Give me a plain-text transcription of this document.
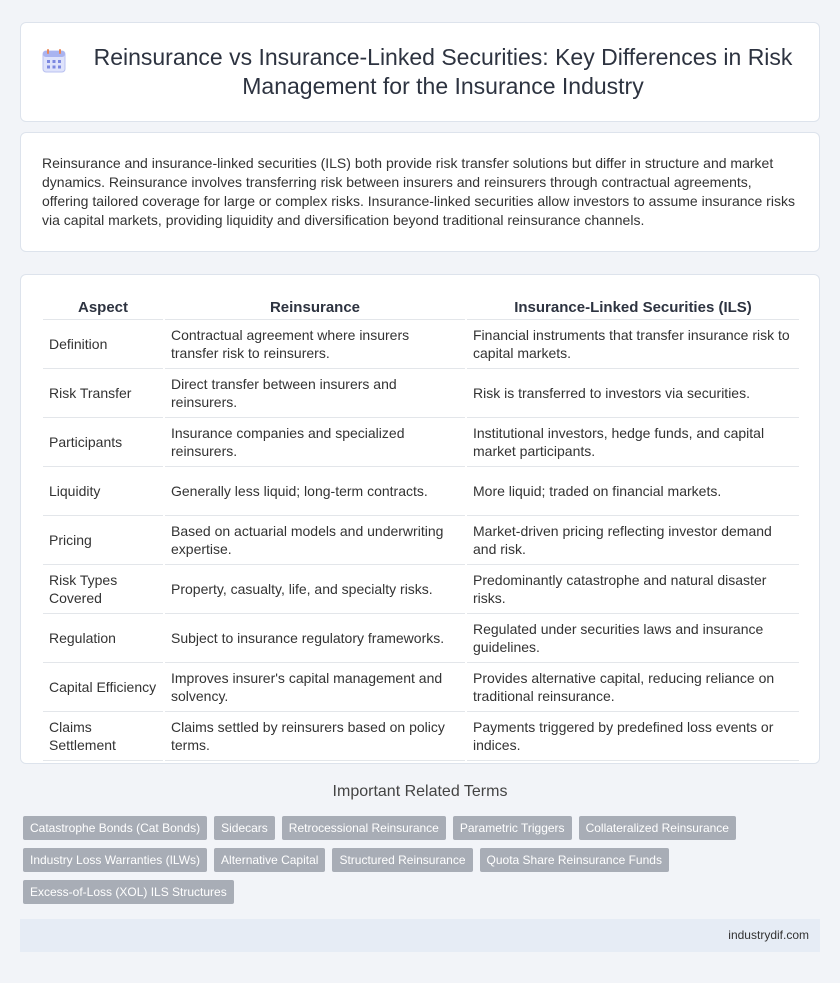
Reinsurance vs Insurance-Linked Securities: Key Differences in Risk Management for the Insurance Industry

Reinsurance and insurance-linked securities (ILS) both provide risk transfer solutions but differ in structure and market dynamics. Reinsurance involves transferring risk between insurers and reinsurers through contractual agreements, offering tailored coverage for large or complex risks. Insurance-linked securities allow investors to assume insurance risks via capital markets, providing liquidity and diversification beyond traditional reinsurance channels.

Aspect	Reinsurance	Insurance-Linked Securities (ILS)
Definition	Contractual agreement where insurers transfer risk to reinsurers.	Financial instruments that transfer insurance risk to capital markets.
Risk Transfer	Direct transfer between insurers and reinsurers.	Risk is transferred to investors via securities.
Participants	Insurance companies and specialized reinsurers.	Institutional investors, hedge funds, and capital market participants.
Liquidity	Generally less liquid; long-term contracts.	More liquid; traded on financial markets.
Pricing	Based on actuarial models and underwriting expertise.	Market-driven pricing reflecting investor demand and risk.
Risk Types Covered	Property, casualty, life, and specialty risks.	Predominantly catastrophe and natural disaster risks.
Regulation	Subject to insurance regulatory frameworks.	Regulated under securities laws and insurance guidelines.
Capital Efficiency	Improves insurer's capital management and solvency.	Provides alternative capital, reducing reliance on traditional reinsurance.
Claims Settlement	Claims settled by reinsurers based on policy terms.	Payments triggered by predefined loss events or indices.
Important Related Terms
Catastrophe Bonds (Cat Bonds)	Sidecars	Retrocessional Reinsurance	Parametric Triggers	Collateralized Reinsurance
Industry Loss Warranties (ILWs)	Alternative Capital	Structured Reinsurance	Quota Share Reinsurance Funds
Excess-of-Loss (XOL) ILS Structures
industrydif.com
